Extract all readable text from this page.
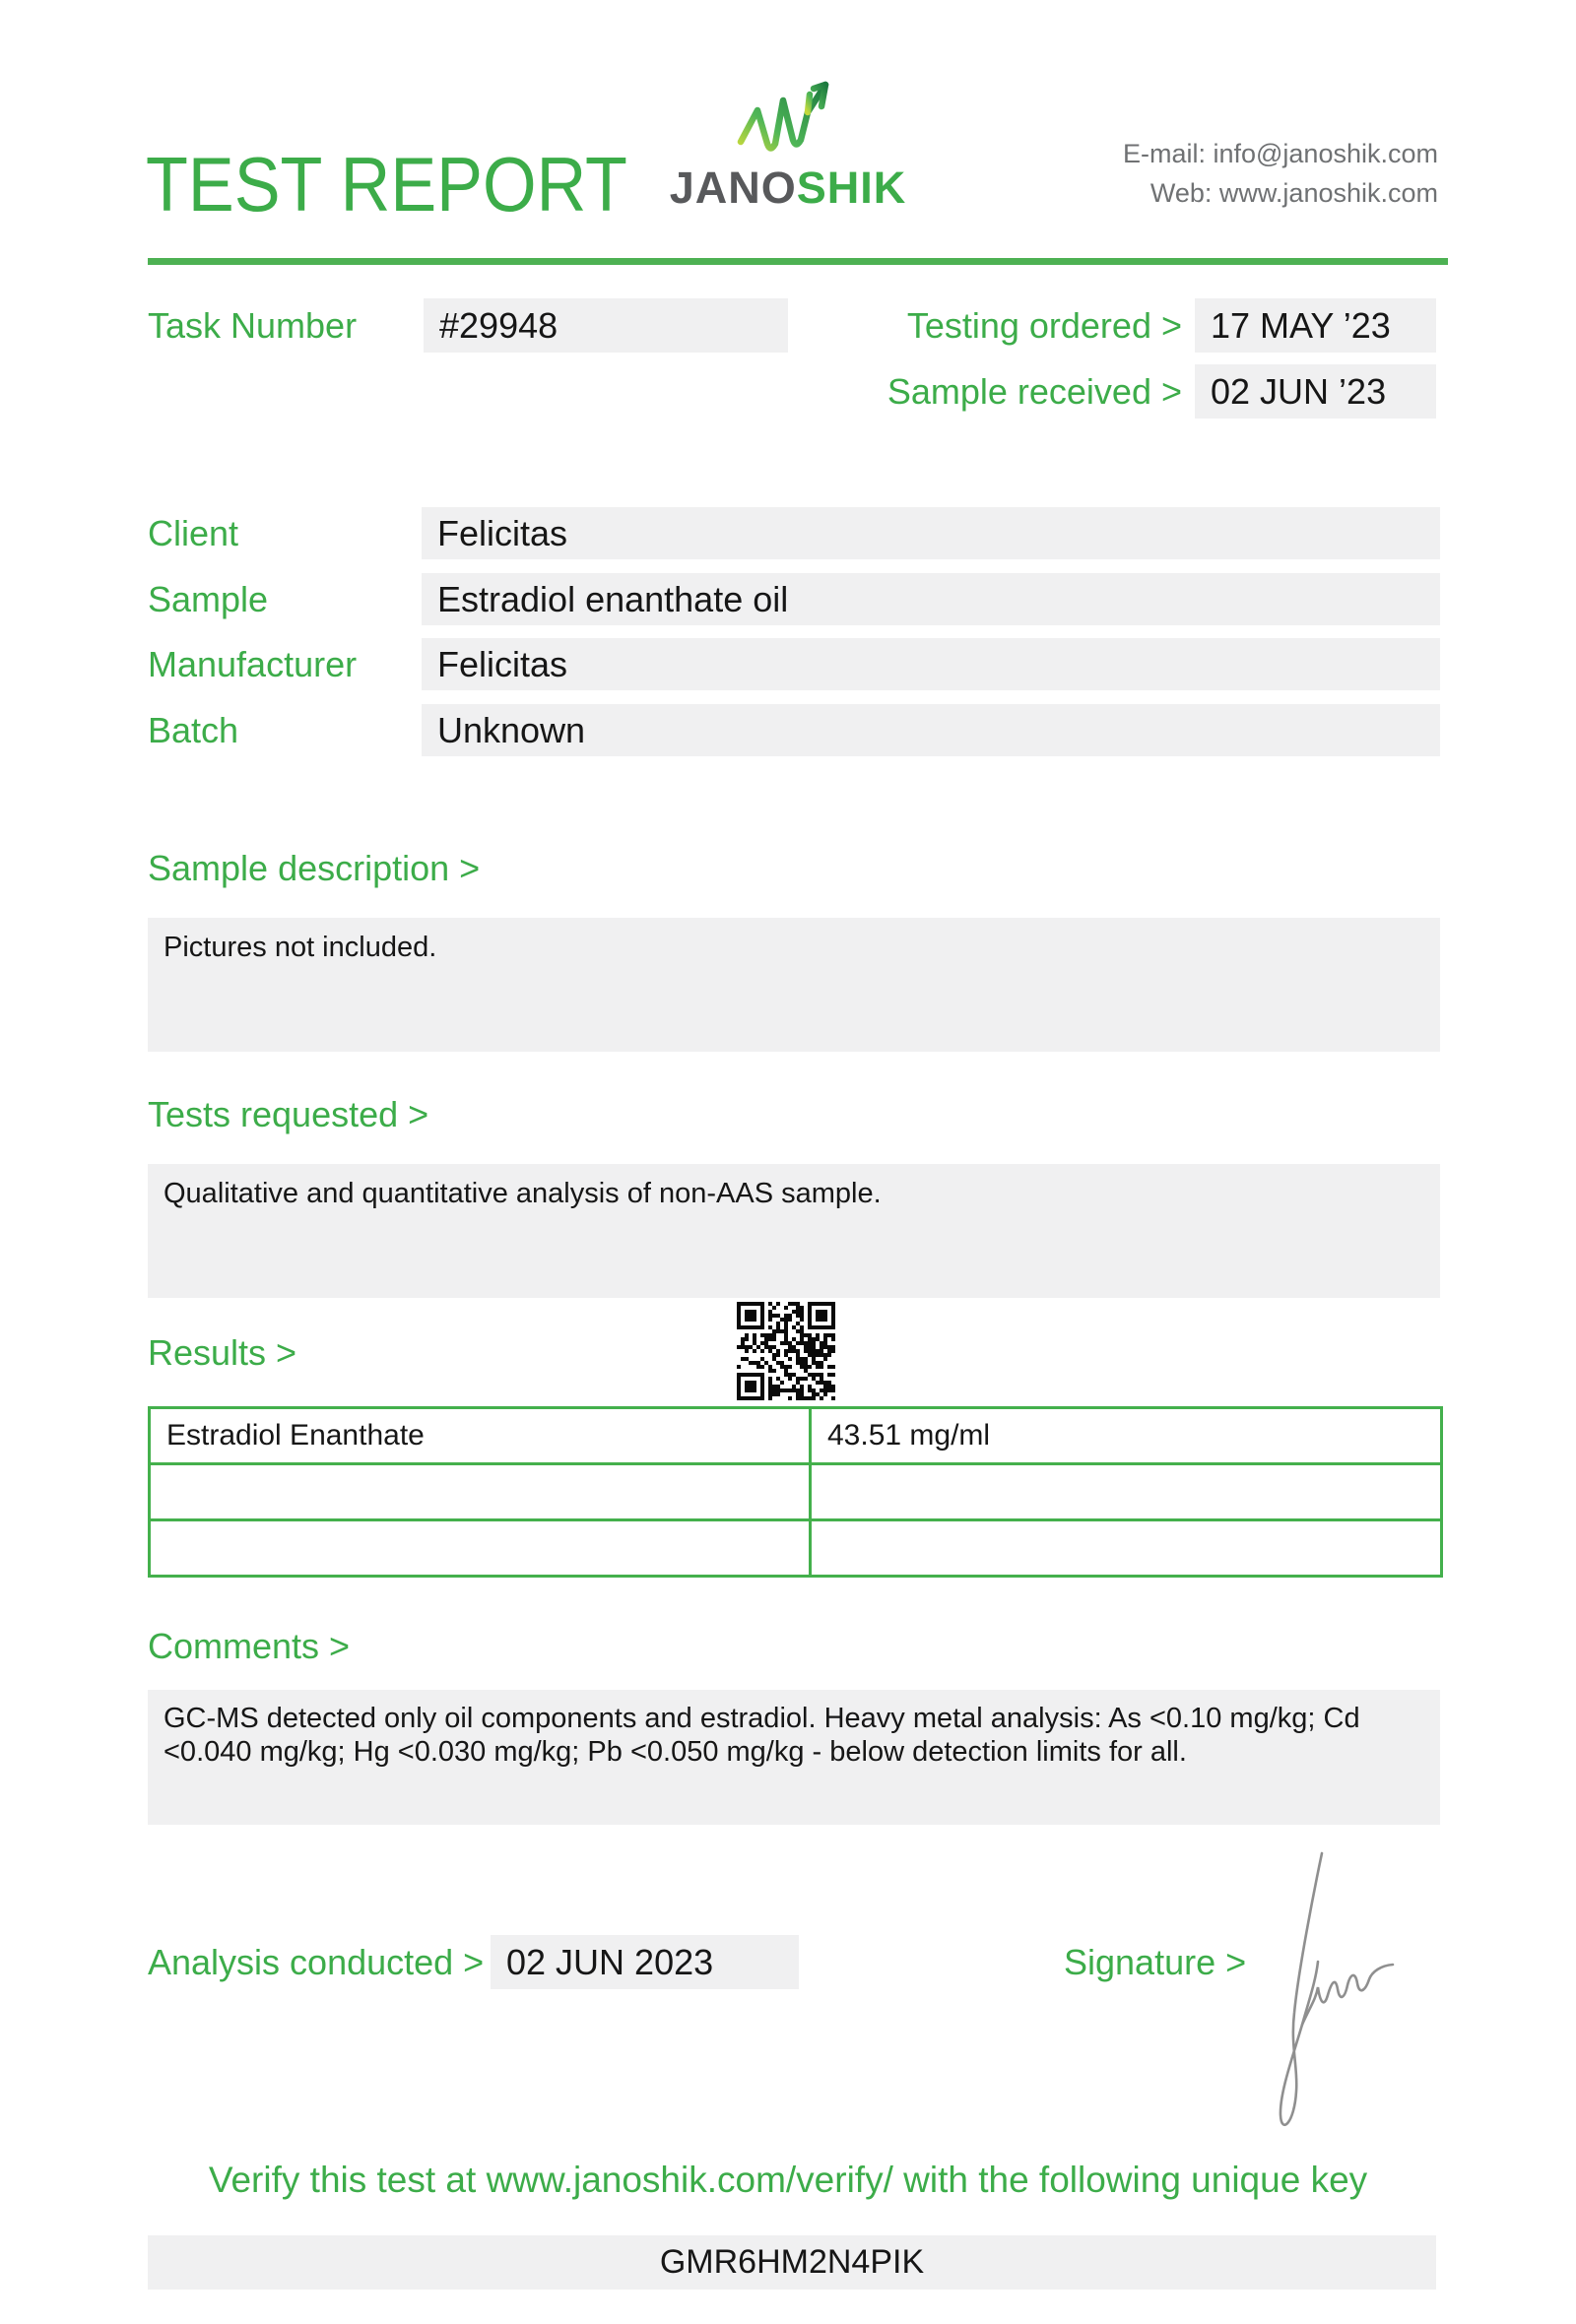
TEST REPORT JANOSHIK
E-mail: info@janoshik.com
Web: www.janoshik.com
Task Number	#29948	Testing ordered > 17 MAY ’23
Sample received > 02 JUN ’23
Client	Felicitas
Sample	Estradiol enanthate oil
Manufacturer	Felicitas
Batch	Unknown
Sample description >
Pictures not included.
Tests requested >
Qualitative and quantitative analysis of non-AAS sample.
Results >
Estradiol Enanthate	43.51 mg/ml

Comments >
GC-MS detected only oil components and estradiol. Heavy metal analysis: As <0.10 mg/kg; Cd <0.040 mg/kg; Hg <0.030 mg/kg; Pb <0.050 mg/kg - below detection limits for all.
Analysis conducted > 02 JUN 2023	Signature >
Verify this test at www.janoshik.com/verify/ with the following unique key
GMR6HM2N4PIK
